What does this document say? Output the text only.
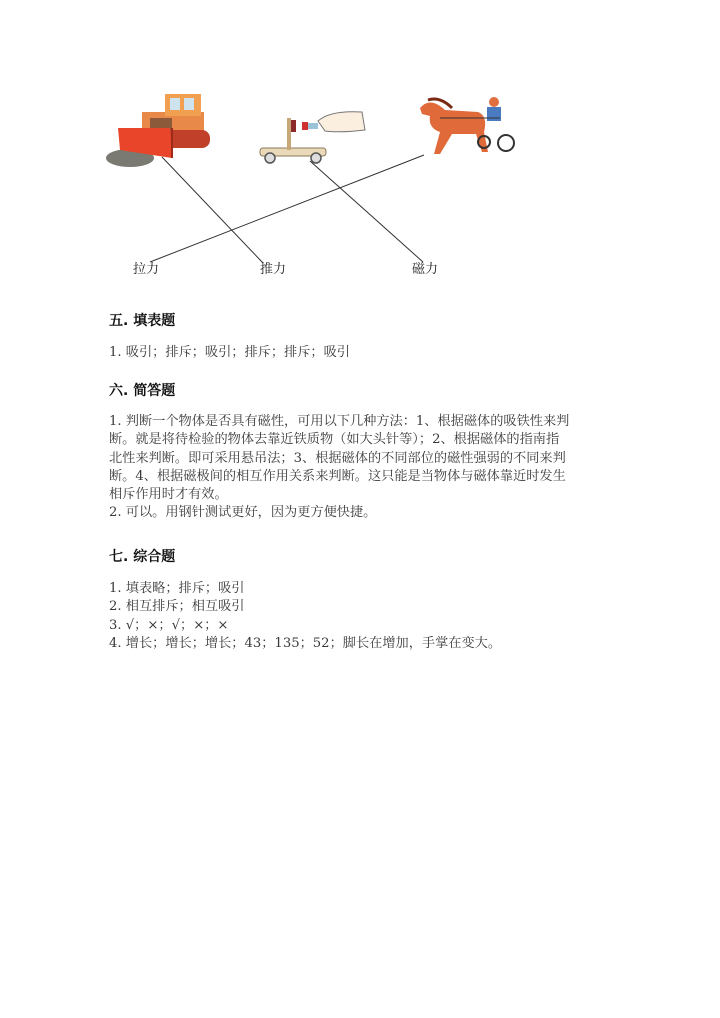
拉力	推力	磁力
五. 填表题
1. 吸引；排斥；吸引；排斥；排斥；吸引
六. 简答题
1. 判断一个物体是否具有磁性，可用以下几种方法：1、根据磁体的吸铁性来判
断。就是将待检验的物体去靠近铁质物（如大头针等）；2、根据磁体的指南指
北性来判断。即可采用悬吊法；3、根据磁体的不同部位的磁性强弱的不同来判
断。4、根据磁极间的相互作用关系来判断。这只能是当物体与磁体靠近时发生
相斥作用时才有效。
2. 可以。用钢针测试更好，因为更方便快捷。
七. 综合题
1. 填表略；排斥；吸引
2. 相互排斥；相互吸引
3. √；×；√；×；×
4. 增长；增长；增长；43；135；52；脚长在增加，手掌在变大。
